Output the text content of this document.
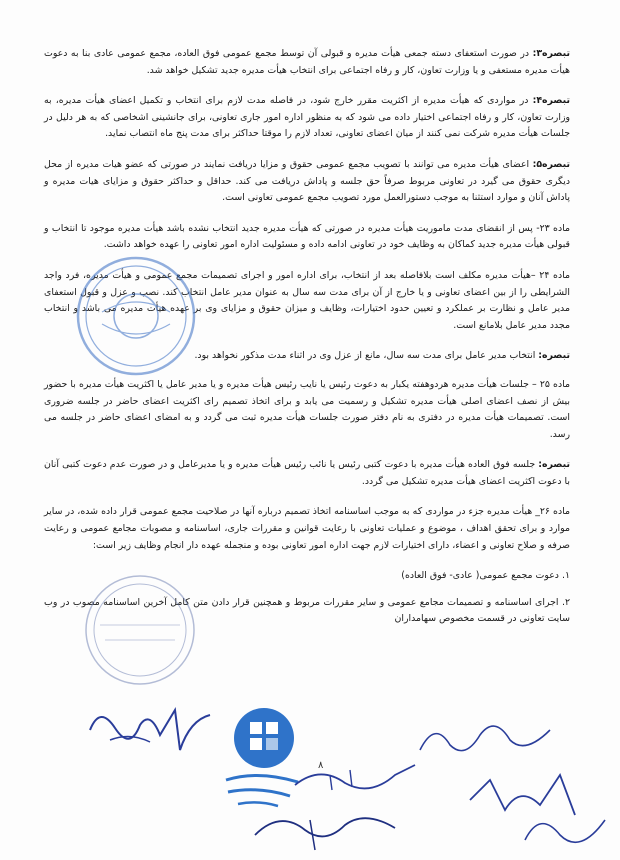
تبصره۳: در صورت استعفای دسته جمعی هیأت مدیره و قبولی آن توسط مجمع عمومی فوق العاده، مجمع عمومی عادی بنا به دعوت هیأت مدیره مستعفی و یا وزارت تعاون، کار و رفاه اجتماعی برای انتخاب هیأت مدیره جدید تشکیل خواهد شد.

تبصره۴: در مواردی که هیأت مدیره از اکثریت مقرر خارج شود، در فاصله مدت لازم برای انتخاب و تکمیل اعضای هیأت مدیره، به وزارت تعاون، کار و رفاه اجتماعی اختیار داده می شود که به منظور اداره امور جاری تعاونی، برای جانشینی اشخاصی که به هر دلیل در جلسات هیأت مدیره شرکت نمی کنند از میان اعضای تعاونی، تعداد لازم را موقتا حداکثر برای مدت پنج ماه انتصاب نماید.

تبصره۵: اعضای هیأت مدیره می توانند با تصویب مجمع عمومی حقوق و مزایا دریافت نمایند در صورتی که عضو هیات مدیره از محل دیگری حقوق می گیرد در تعاونی مربوط صرفاً حق جلسه و پاداش دریافت می کند. حداقل و حداکثر حقوق و مزایای هیات مدیره و پاداش آنان و موارد استثنا به موجب دستورالعمل مورد تصویب مجمع عمومی تعاونی است.

ماده ۲۳- پس از انقضای مدت ماموریت هیأت مدیره در صورتی که هیأت مدیره جدید انتخاب نشده باشد هیأت مدیره موجود تا انتخاب و قبولی هیأت مدیره جدید کماکان به وظایف خود در تعاونی ادامه داده و مسئولیت اداره امور تعاونی را عهده خواهد داشت.

ماده ۲۴ –هیأت مدیره مکلف است بلافاصله بعد از انتخاب، برای اداره امور و اجرای تصمیمات مجمع عمومی و هیأت مدیره، فرد واجد الشرایطی را از بین اعضای تعاونی و یا خارج از آن برای مدت سه سال به عنوان مدیر عامل انتخاب کند. نصب و عزل و قبول استعفای مدیر عامل و نظارت بر عملکرد و تعیین حدود اختیارات، وظایف و میزان حقوق و مزایای وی بر عهده هیأت مدیره می باشد و انتخاب مجدد مدیر عامل بلامانع است.

تبصره: انتخاب مدیر عامل برای مدت سه سال، مانع از عزل وی در اثناء مدت مذکور نخواهد بود.

ماده ۲۵ – جلسات هیأت مدیره هردوهفته یکبار به دعوت رئیس یا نایب رئیس هیأت مدیره و یا مدیر عامل یا اکثریت هیأت مدیره با حضور بیش از نصف اعضای اصلی هیأت مدیره تشکیل و رسمیت می یابد و برای اتخاذ تصمیم رای اکثریت اعضای حاضر در جلسه ضروری است. تصمیمات هیأت مدیره در دفتری به نام دفتر صورت جلسات هیأت مدیره ثبت می گردد و به امضای اعضای حاضر در جلسه می رسد.

تبصره: جلسه فوق العاده هیأت مدیره با دعوت کتبی رئیس یا نائب رئیس هیأت مدیره و یا مدیرعامل و در صورت عدم دعوت کتبی آنان با دعوت اکثریت اعضای هیأت مدیره تشکیل می گردد.

ماده ۲۶_ هیأت مدیره جزء در مواردی که به موجب اساسنامه اتخاذ تصمیم درباره آنها در صلاحیت مجمع عمومی قرار داده شده، در سایر موارد و برای تحقق اهداف ، موضوع و عملیات تعاونی با رعایت قوانین و مقررات جاری، اساسنامه و مصوبات مجامع عمومی و رعایت صرفه و صلاح تعاونی و اعضاء، دارای اختیارات لازم جهت اداره امور تعاونی بوده و منجمله عهده دار انجام وظایف زیر است:

۱. دعوت مجمع عمومی( عادی- فوق العاده)

۲. اجرای اساسنامه و تصمیمات مجامع عمومی و سایر مقررات مربوط و همچنین قرار دادن متن کامل آخرین اساسنامه مصوب در وب سایت تعاونی در قسمت مخصوص سهامداران

۸
